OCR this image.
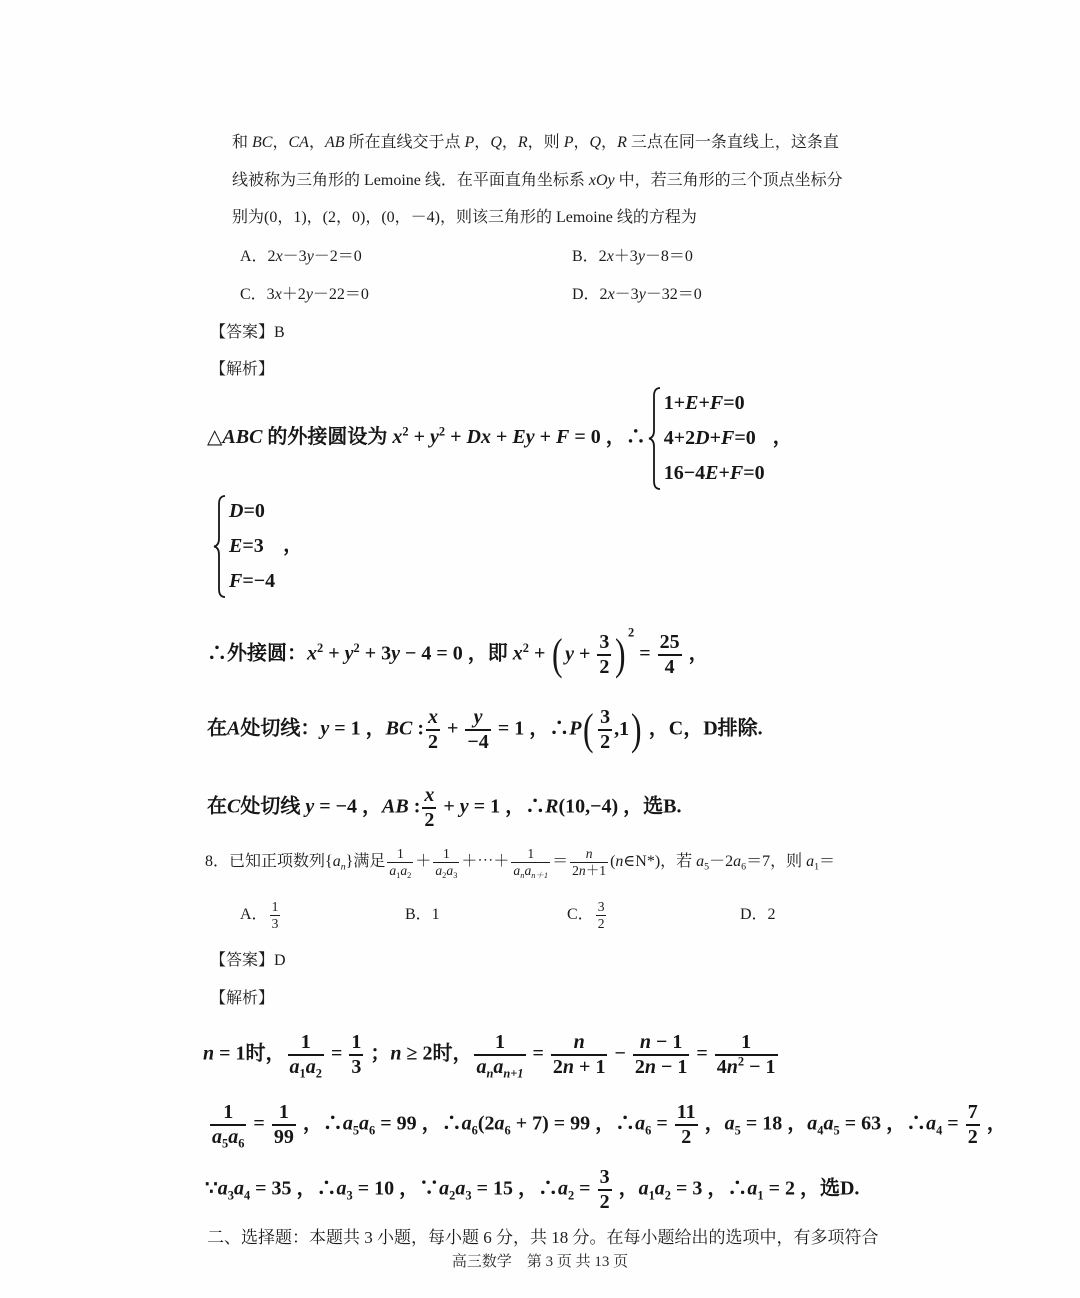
和 BC，CA，AB 所在直线交于点 P，Q，R，则 P，Q，R 三点在同一条直线上，这条直
线被称为三角形的 Lemoine 线．在平面直角坐标系 xOy 中，若三角形的三个顶点坐标分
别为(0，1)，(2，0)，(0，－4)，则该三角形的 Lemoine 线的方程为
A．2x－3y－2＝0	B．2x＋3y－8＝0
C．3x＋2y－22＝0	D．2x－3y－32＝0
【答案】B
【解析】
△ABC 的外接圆设为 $x^2 + y^2 + Dx + Ey + F = 0$ ，∴
1+E+F=0
4+2D+F=0
16−4E+F=0
，
D=0
E=3
F=−4
，
∴外接圆：$x^2 + y^2 + 3y - 4 = 0$ ，即 $x^2$ + ( $y + \frac{3}{2}$ ) $^2 = \frac{25}{4}$ ，
在A处切线：y = 1 ，BC : $\frac{x}{2} + \frac{y}{-4} = 1$ ，∴P( $\frac{3}{2} ,1$) ，C，D排除.
在C处切线 y = −4 ，AB : $\frac{x}{2} + y = 1$ ，∴R(10,−4) ，选B.
8．已知正项数列$\{a_n\}$满足 $\frac{1}{a_1a_2} + \frac{1}{a_2a_3}$ ＋⋯＋ $\frac{1}{a_na_{n+1}} = \frac{n}{2n+1}$ (n∈N*)，若 $a_5-2a_6=7$，则 $a_1=$
A． $\frac{1}{3}$	B．1	C． $\frac{3}{2}$	D．2
【答案】D
【解析】
n = 1时， $\frac{1}{a_1a_2} = \frac{1}{3}$ ；n ≥ 2时， $\frac{1}{a_na_{n+1}} = \frac{n}{2n + 1} - \frac{n - 1}{2n - 1} = \frac{1}{4n^2 - 1}$
$\frac{1}{a_5a_6} = \frac{1}{99}$ ，$\therefore a_5a_6 = 99$ ，$\therefore a_6(2a_6 + 7) = 99$ ，$\therefore a_6 = \frac{11}{2}$ ，$a_5 = 18$ ，$a_4a_5 = 63$ ，$\therefore a_4 = \frac{7}{2}$ ，
$\because a_3a_4 = 35$ ，$\therefore a_3 = 10$ ，$\because a_2a_3 = 15$ ，$\therefore a_2 = \frac{3}{2}$ ，$a_1a_2 = 3$ ，$\therefore a_1 = 2$ ，选D.
二、选择题：本题共 3 小题，每小题 6 分，共 18 分。在每小题给出的选项中，有多项符合
高三数学　第 3 页 共 13 页
